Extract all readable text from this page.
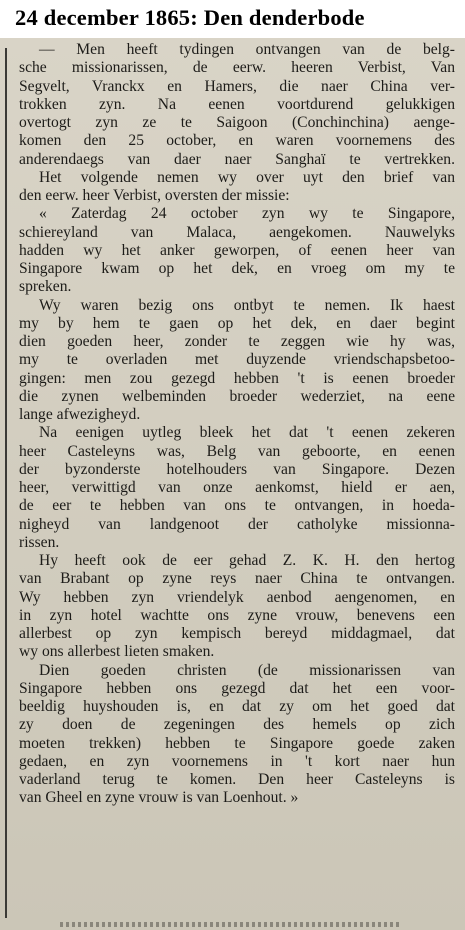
24 december 1865: Den denderbode
— Men heeft tydingen ontvangen van de belg-
sche missionarissen, de eerw. heeren Verbist, Van
Segvelt, Vranckx en Hamers, die naer China ver-
trokken zyn. Na eenen voortdurend gelukkigen
overtogt zyn ze te Saigoon (Conchinchina) aenge-
komen den 25 october, en waren voornemens des
anderendaegs van daer naer Sanghaï te vertrekken.
Het volgende nemen wy over uyt den brief van
den eerw. heer Verbist, oversten der missie:
« Zaterdag 24 october zyn wy te Singapore,
schiereyland van Malaca, aengekomen. Nauwelyks
hadden wy het anker geworpen, of eenen heer van
Singapore kwam op het dek, en vroeg om my te
spreken.
Wy waren bezig ons ontbyt te nemen. Ik haest
my by hem te gaen op het dek, en daer begint
dien goeden heer, zonder te zeggen wie hy was,
my te overladen met duyzende vriendschapsbetoo-
gingen: men zou gezegd hebben 't is eenen broeder
die zynen welbeminden broeder wederziet, na eene
lange afwezigheyd.
Na eenigen uytleg bleek het dat 't eenen zekeren
heer Casteleyns was, Belg van geboorte, en eenen
der byzonderste hotelhouders van Singapore. Dezen
heer, verwittigd van onze aenkomst, hield er aen,
de eer te hebben van ons te ontvangen, in hoeda-
nigheyd van landgenoot der catholyke missionna-
rissen.
Hy heeft ook de eer gehad Z. K. H. den hertog
van Brabant op zyne reys naer China te ontvangen.
Wy hebben zyn vriendelyk aenbod aengenomen, en
in zyn hotel wachtte ons zyne vrouw, benevens een
allerbest op zyn kempisch bereyd middagmael, dat
wy ons allerbest lieten smaken.
Dien goeden christen (de missionarissen van
Singapore hebben ons gezegd dat het een voor-
beeldig huyshouden is, en dat zy om het goed dat
zy doen de zegeningen des hemels op zich
moeten trekken) hebben te Singapore goede zaken
gedaen, en zyn voornemens in 't kort naer hun
vaderland terug te komen. Den heer Casteleyns is
van Gheel en zyne vrouw is van Loenhout. »
